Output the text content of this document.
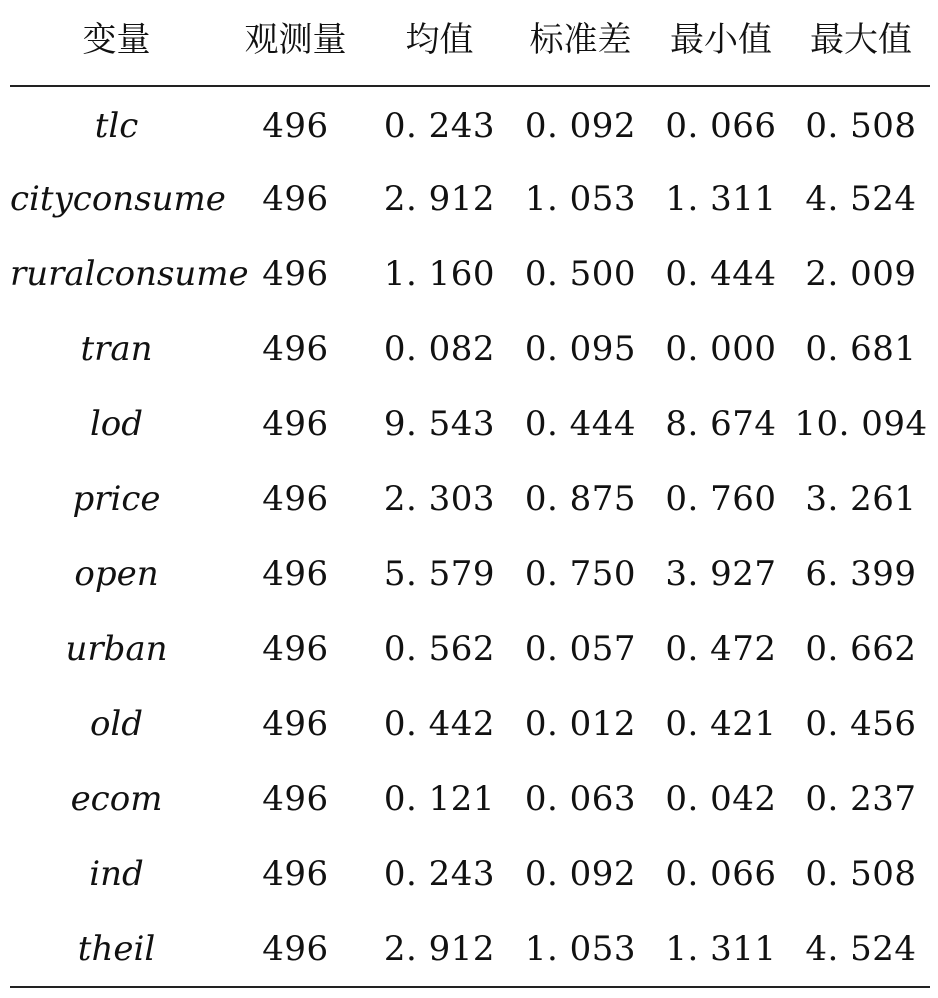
变量	观测量	均值	标准差	最小值	最大值
tlc	496	0. 243	0. 092	0. 066	0. 508
cityconsume	496	2. 912	1. 053	1. 311	4. 524
ruralconsume	496	1. 160	0. 500	0. 444	2. 009
tran	496	0. 082	0. 095	0. 000	0. 681
lod	496	9. 543	0. 444	8. 674	10. 094
price	496	2. 303	0. 875	0. 760	3. 261
open	496	5. 579	0. 750	3. 927	6. 399
urban	496	0. 562	0. 057	0. 472	0. 662
old	496	0. 442	0. 012	0. 421	0. 456
ecom	496	0. 121	0. 063	0. 042	0. 237
ind	496	0. 243	0. 092	0. 066	0. 508
theil	496	2. 912	1. 053	1. 311	4. 524
